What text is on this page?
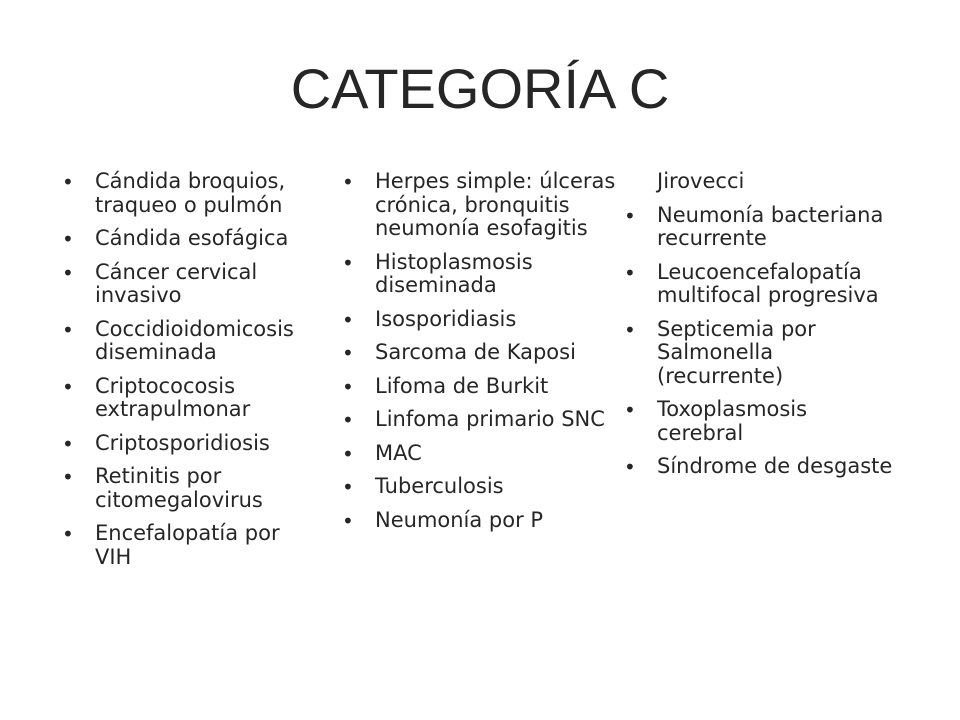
CATEGORÍA C
• Cándida broquios, traqueo o pulmón
• Cándida esofágica
• Cáncer cervical invasivo
• Coccidioidomicosis diseminada
• Criptococosis extrapulmonar
• Criptosporidiosis
• Retinitis por citomegalovirus
• Encefalopatía por VIH
• Herpes simple: úlceras crónica, bronquitis neumonía esofagitis
• Histoplasmosis diseminada
• Isosporidiasis
• Sarcoma de Kaposi
• Lifoma de Burkit
• Linfoma primario SNC
• MAC
• Tuberculosis
• Neumonía por P
Jirovecci
• Neumonía bacteriana recurrente
• Leucoencefalopatía multifocal progresiva
• Septicemia por Salmonella (recurrente)
• Toxoplasmosis cerebral
• Síndrome de desgaste
